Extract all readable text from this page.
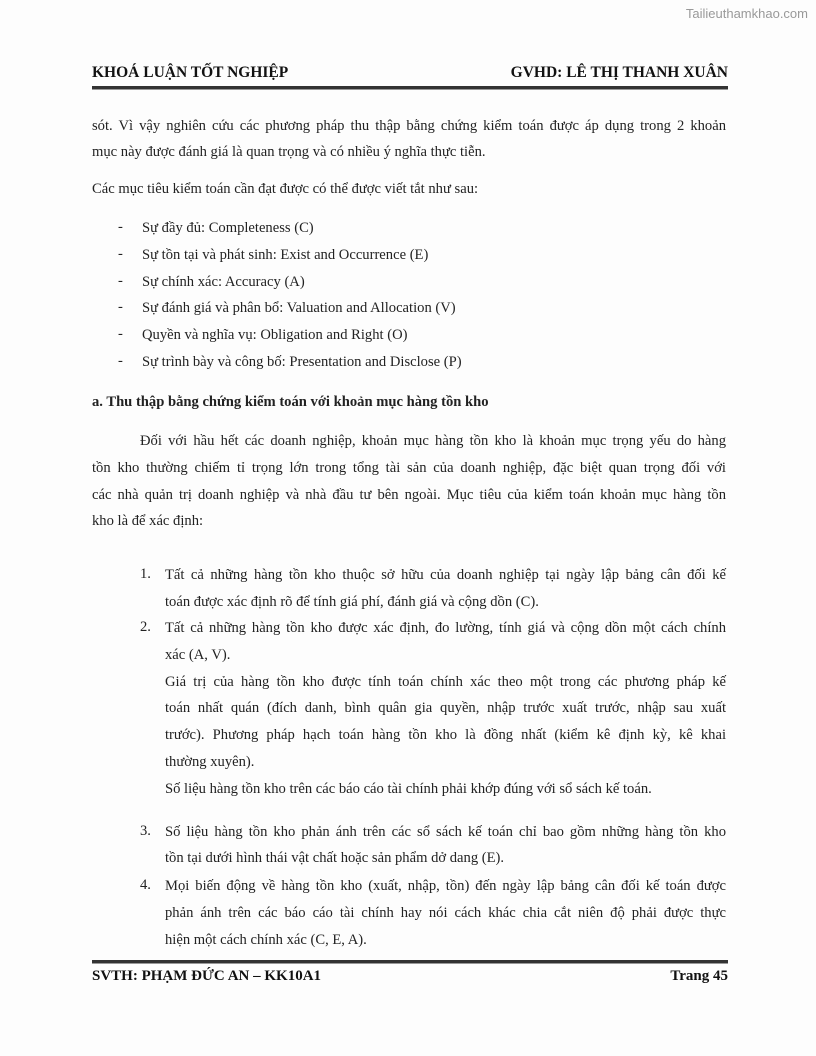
Tailieuthamkhao.com
KHOÁ LUẬN TỐT NGHIỆP	GVHD: LÊ THỊ THANH XUÂN
sót. Vì vậy nghiên cứu các phương pháp thu thập bằng chứng kiểm toán được áp dụng trong 2 khoản
mục này được đánh giá là quan trọng và có nhiều ý nghĩa thực tiễn.
Các mục tiêu kiểm toán cần đạt được có thể được viết tắt như sau:
- Sự đầy đủ: Completeness (C)
- Sự tồn tại và phát sinh: Exist and Occurrence (E)
- Sự chính xác: Accuracy (A)
- Sự đánh giá và phân bổ: Valuation and Allocation (V)
- Quyền và nghĩa vụ: Obligation and Right (O)
- Sự trình bày và công bố: Presentation and Disclose (P)
a. Thu thập bằng chứng kiểm toán với khoản mục hàng tồn kho
Đối với hầu hết các doanh nghiệp, khoản mục hàng tồn kho là khoản mục trọng yếu do hàng
tồn kho thường chiếm tỉ trọng lớn trong tổng tài sản của doanh nghiệp, đặc biệt quan trọng đối với
các nhà quản trị doanh nghiệp và nhà đầu tư bên ngoài. Mục tiêu của kiểm toán khoản mục hàng tồn
kho là để xác định:
1. Tất cả những hàng tồn kho thuộc sở hữu của doanh nghiệp tại ngày lập bảng cân đối kế
toán được xác định rõ để tính giá phí, đánh giá và cộng dồn (C).
2. Tất cả những hàng tồn kho được xác định, đo lường, tính giá và cộng dồn một cách chính
xác (A, V).
Giá trị của hàng tồn kho được tính toán chính xác theo một trong các phương pháp kế
toán nhất quán (đích danh, bình quân gia quyền, nhập trước xuất trước, nhập sau xuất
trước). Phương pháp hạch toán hàng tồn kho là đồng nhất (kiểm kê định kỳ, kê khai
thường xuyên).
Số liệu hàng tồn kho trên các báo cáo tài chính phải khớp đúng với sổ sách kế toán.
3. Số liệu hàng tồn kho phản ánh trên các sổ sách kế toán chỉ bao gồm những hàng tồn kho
tồn tại dưới hình thái vật chất hoặc sản phẩm dở dang (E).
4. Mọi biến động về hàng tồn kho (xuất, nhập, tồn) đến ngày lập bảng cân đối kế toán được
phản ánh trên các báo cáo tài chính hay nói cách khác chia cắt niên độ phải được thực
hiện một cách chính xác (C, E, A).
SVTH: PHẠM ĐỨC AN – KK10A1	Trang 45
